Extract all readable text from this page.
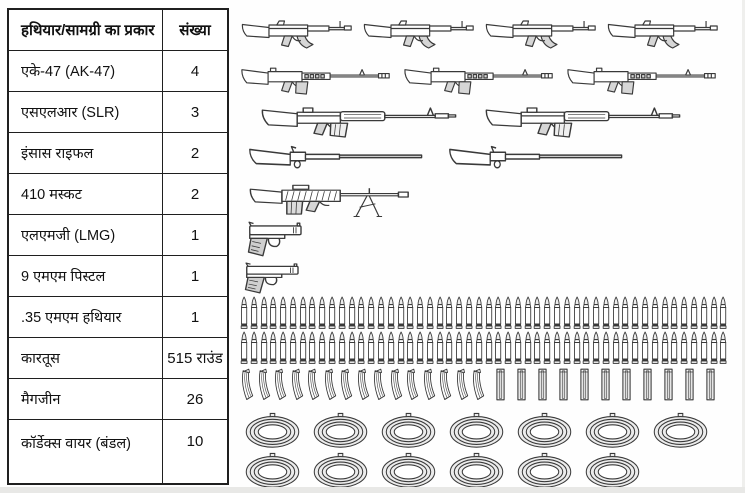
हथियार/सामग्री का प्रकार	संख्या
एके-47 (AK-47)	4
एसएलआर (SLR)	3
इंसास राइफल	2
410 मस्कट	2
एलएमजी (LMG)	1
9 एमएम पिस्टल	1
.35 एमएम हथियार	1
कारतूस	515 राउंड
मैगजीन	26
कॉर्डेक्स वायर (बंडल)	10
